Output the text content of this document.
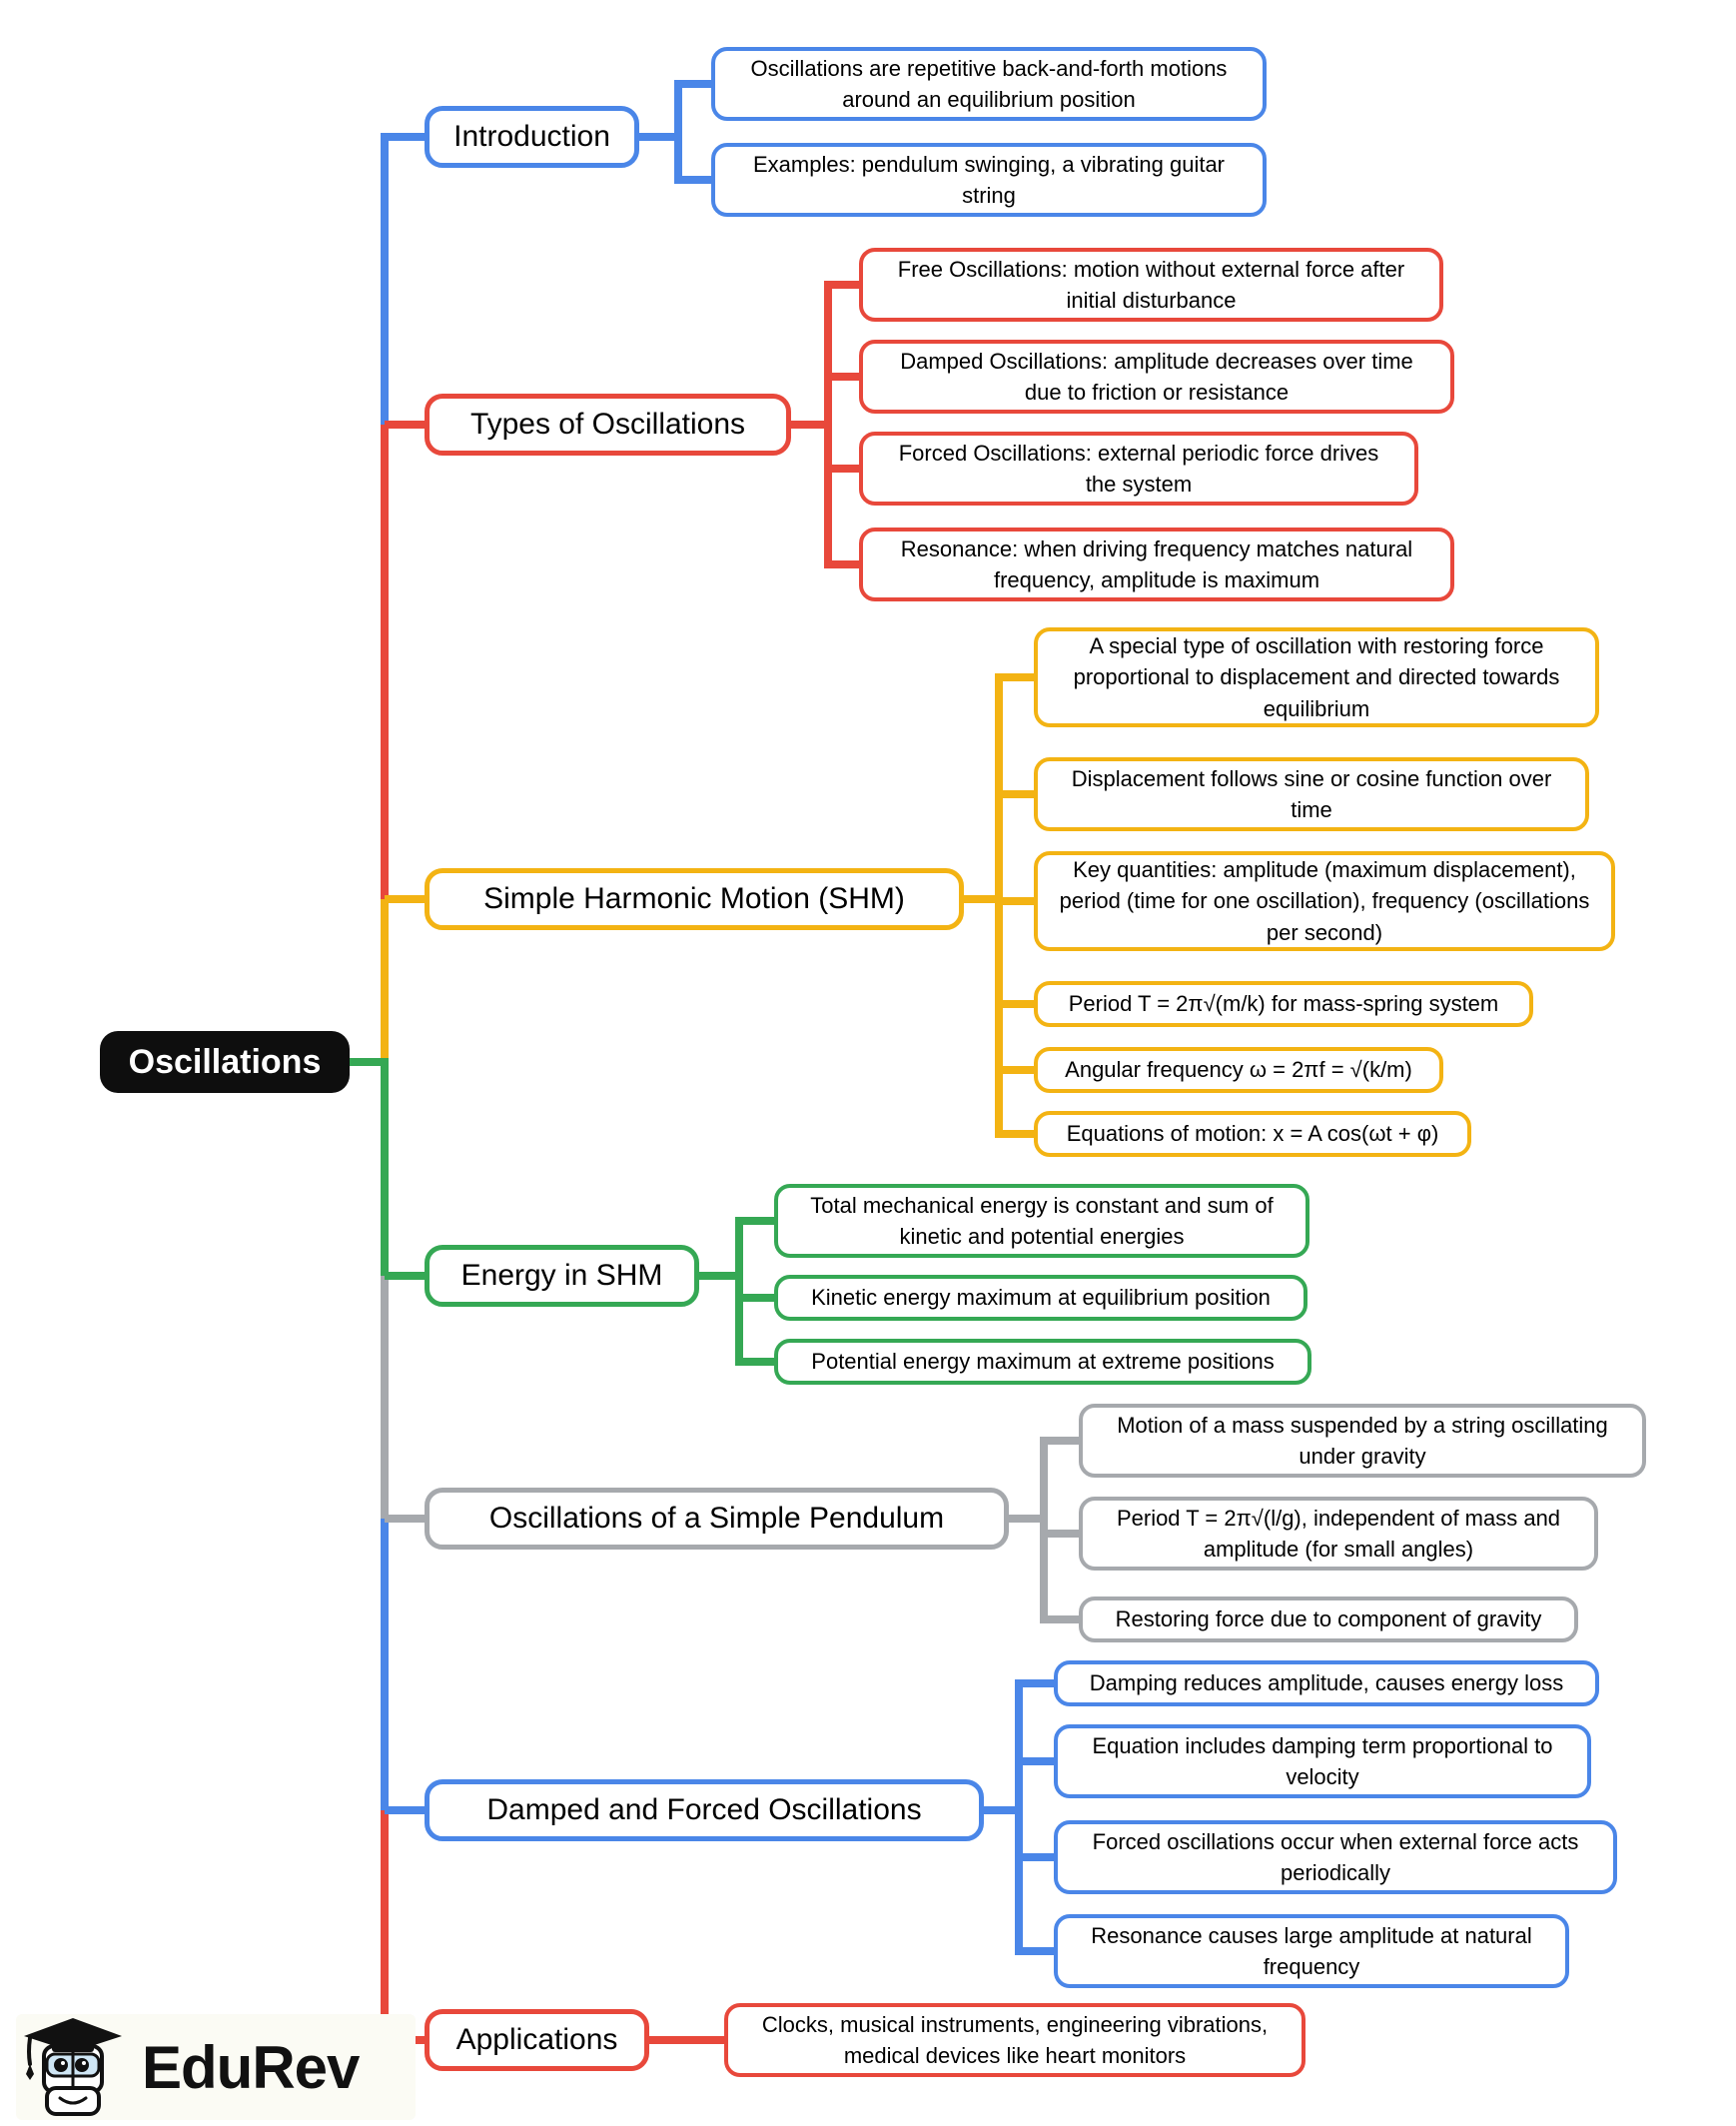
Oscillations
Introduction
Oscillations are repetitive back-and-forth motions around an equilibrium position
Examples: pendulum swinging, a vibrating guitar string
Types of Oscillations
Free Oscillations: motion without external force after initial disturbance
Damped Oscillations: amplitude decreases over time due to friction or resistance
Forced Oscillations: external periodic force drives the system
Resonance: when driving frequency matches natural frequency, amplitude is maximum
Simple Harmonic Motion (SHM)
A special type of oscillation with restoring force proportional to displacement and directed towards equilibrium
Displacement follows sine or cosine function over time
Key quantities: amplitude (maximum displacement), period (time for one oscillation), frequency (oscillations per second)
Period T = 2π√(m/k) for mass-spring system
Angular frequency ω = 2πf = √(k/m)
Equations of motion: x = A cos(ωt + φ)
Energy in SHM
Total mechanical energy is constant and sum of kinetic and potential energies
Kinetic energy maximum at equilibrium position
Potential energy maximum at extreme positions
Oscillations of a Simple Pendulum
Motion of a mass suspended by a string oscillating under gravity
Period T = 2π√(l/g), independent of mass and amplitude (for small angles)
Restoring force due to component of gravity
Damped and Forced Oscillations
Damping reduces amplitude, causes energy loss
Equation includes damping term proportional to velocity
Forced oscillations occur when external force acts periodically
Resonance causes large amplitude at natural frequency
Applications	Clocks, musical instruments, engineering vibrations, medical devices like heart monitors
EduRev
